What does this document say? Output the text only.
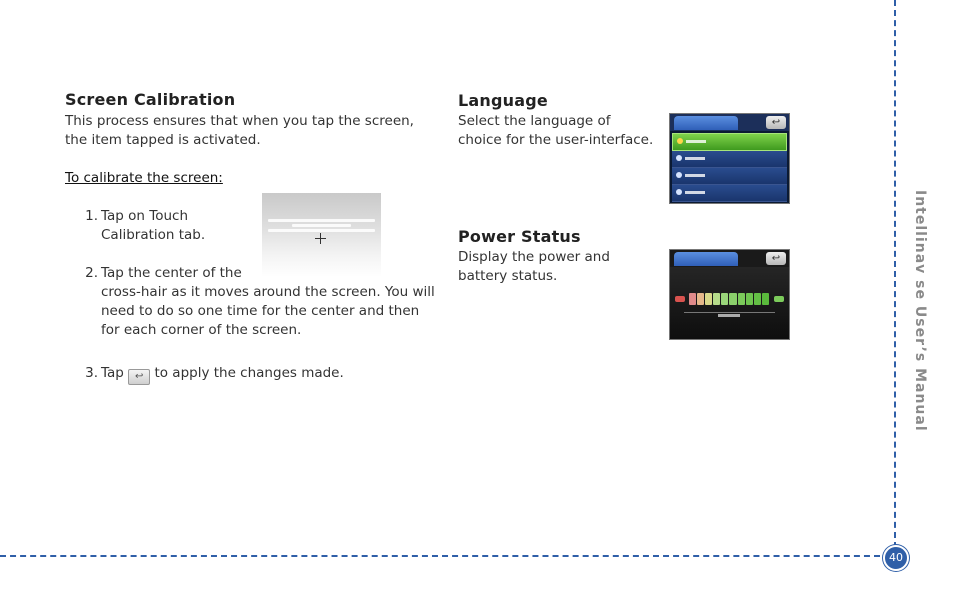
40
Intellinav se User’s Manual
Screen Calibration

This process ensures that when you tap the screen, the item tapped is activated.

To calibrate the screen:
1. Tap on Touch
Calibration tab.
2. Tap the center of the
cross-hair as it moves around the screen. You will need to do so one time for the center and then for each corner of the screen.
3. Tap ↩ to apply the changes made.
Language

Select the language of choice for the user-interface.

↩
Power Status

Display the power and battery status.

↩
